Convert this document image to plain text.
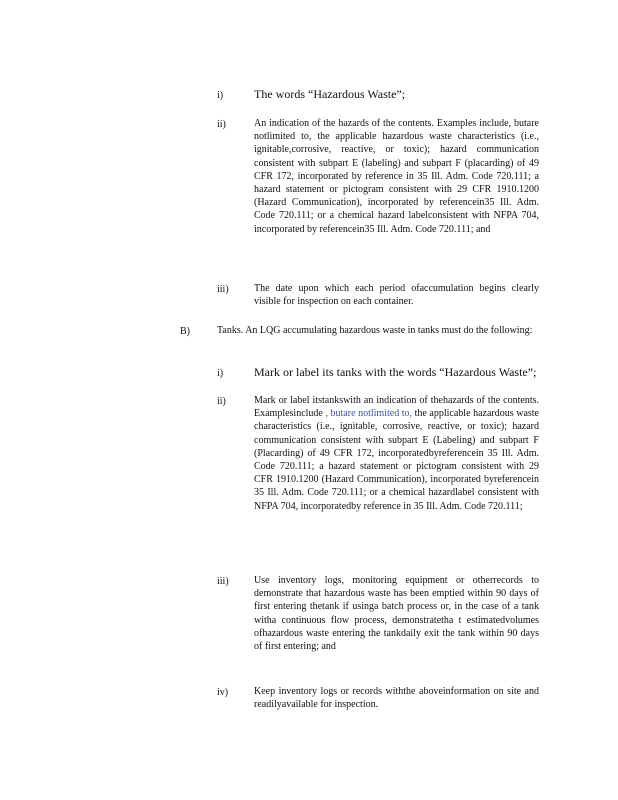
i)	The words “Hazardous Waste”;
ii)	An indication of the hazards of the contents. Examples include, butare notlimited to, the applicable hazardous waste characteristics (i.e., ignitable,corrosive, reactive, or toxic); hazard communication consistent with subpart E (labeling) and subpart F (placarding) of 49 CFR 172, incorporated by reference in 35 Ill. Adm. Code 720.111; a hazard statement or pictogram consistent with 29 CFR 1910.1200 (Hazard Communication), incorporated by referencein35 Ill. Adm. Code 720.111; or a chemical hazard labelconsistent with NFPA 704, incorporated by referencein35 Ill. Adm. Code 720.111; and
iii)	The date upon which each period ofaccumulation begins clearly visible for inspection on each container.
B)	Tanks. An LQG accumulating hazardous waste in tanks must do the following:
i)	Mark or label its tanks with the words “Hazardous Waste”;
ii)	Mark or label itstankswith an indication of thehazards of the contents. Examplesinclude , butare notlimited to, the applicable hazardous waste characteristics (i.e., ignitable, corrosive, reactive, or toxic); hazard communication consistent with subpart E (Labeling) and subpart F (Placarding) of 49 CFR 172, incorporatedbyreferencein 35 Ill. Adm. Code 720.111; a hazard statement or pictogram consistent with 29 CFR 1910.1200 (Hazard Communication), incorporated byreferencein 35 Ill. Adm. Code 720.111; or a chemical hazardlabel consistent with NFPA 704, incorporatedby reference in 35 Ill. Adm. Code 720.111;
iii)	Use inventory logs, monitoring equipment or otherrecords to demonstrate that hazardous waste has been emptied within 90 days of first entering thetank if usinga batch process or, in the case of a tank witha continuous flow process, demonstratetha t estimatedvolumes ofhazardous waste entering the tankdaily exit the tank within 90 days of first entering; and
iv)	Keep inventory logs or records withthe aboveinformation on site and readilyavailable for inspection.
